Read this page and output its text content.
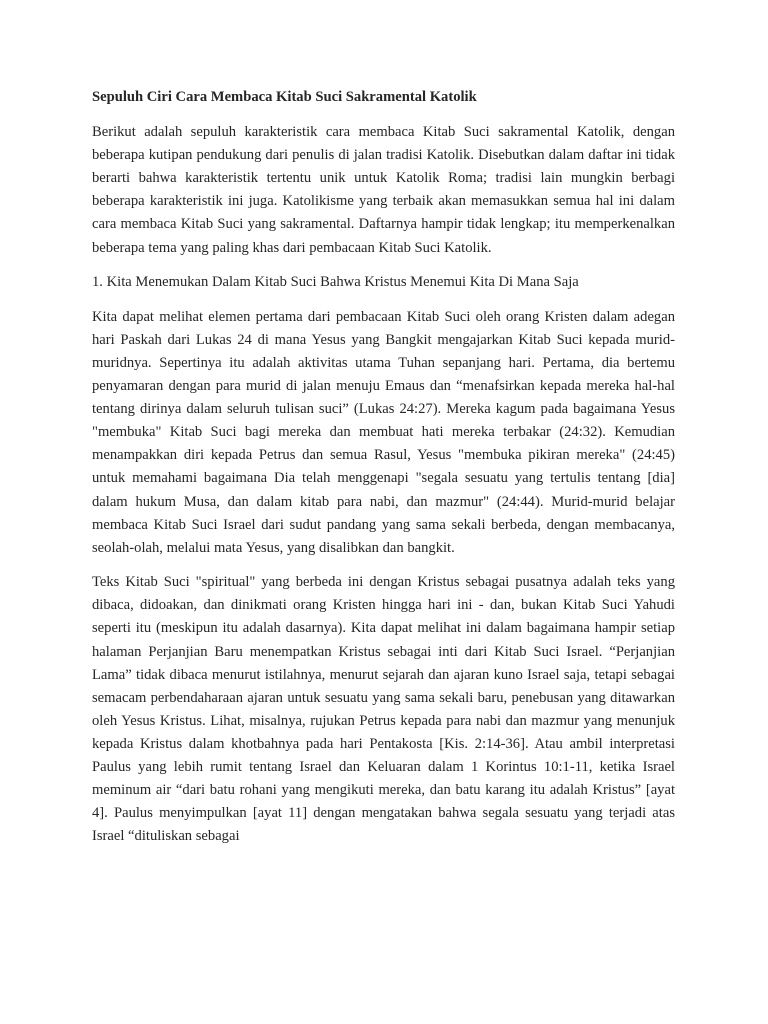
Sepuluh Ciri Cara Membaca Kitab Suci Sakramental Katolik

Berikut adalah sepuluh karakteristik cara membaca Kitab Suci sakramental Katolik, dengan beberapa kutipan pendukung dari penulis di jalan tradisi Katolik. Disebutkan dalam daftar ini tidak berarti bahwa karakteristik tertentu unik untuk Katolik Roma; tradisi lain mungkin berbagi beberapa karakteristik ini juga. Katolikisme yang terbaik akan memasukkan semua hal ini dalam cara membaca Kitab Suci yang sakramental. Daftarnya hampir tidak lengkap; itu memperkenalkan beberapa tema yang paling khas dari pembacaan Kitab Suci Katolik.

1. Kita Menemukan Dalam Kitab Suci Bahwa Kristus Menemui Kita Di Mana Saja

Kita dapat melihat elemen pertama dari pembacaan Kitab Suci oleh orang Kristen dalam adegan hari Paskah dari Lukas 24 di mana Yesus yang Bangkit mengajarkan Kitab Suci kepada murid-muridnya. Sepertinya itu adalah aktivitas utama Tuhan sepanjang hari. Pertama, dia bertemu penyamaran dengan para murid di jalan menuju Emaus dan “menafsirkan kepada mereka hal-hal tentang dirinya dalam seluruh tulisan suci” (Lukas 24:27). Mereka kagum pada bagaimana Yesus "membuka" Kitab Suci bagi mereka dan membuat hati mereka terbakar (24:32). Kemudian menampakkan diri kepada Petrus dan semua Rasul, Yesus "membuka pikiran mereka" (24:45) untuk memahami bagaimana Dia telah menggenapi "segala sesuatu yang tertulis tentang [dia] dalam hukum Musa, dan dalam kitab para nabi, dan mazmur" (24:44). Murid-murid belajar membaca Kitab Suci Israel dari sudut pandang yang sama sekali berbeda, dengan membacanya, seolah-olah, melalui mata Yesus, yang disalibkan dan bangkit.

Teks Kitab Suci "spiritual" yang berbeda ini dengan Kristus sebagai pusatnya adalah teks yang dibaca, didoakan, dan dinikmati orang Kristen hingga hari ini - dan, bukan Kitab Suci Yahudi seperti itu (meskipun itu adalah dasarnya). Kita dapat melihat ini dalam bagaimana hampir setiap halaman Perjanjian Baru menempatkan Kristus sebagai inti dari Kitab Suci Israel. “Perjanjian Lama” tidak dibaca menurut istilahnya, menurut sejarah dan ajaran kuno Israel saja, tetapi sebagai semacam perbendaharaan ajaran untuk sesuatu yang sama sekali baru, penebusan yang ditawarkan oleh Yesus Kristus. Lihat, misalnya, rujukan Petrus kepada para nabi dan mazmur yang menunjuk kepada Kristus dalam khotbahnya pada hari Pentakosta [Kis. 2:14-36]. Atau ambil interpretasi Paulus yang lebih rumit tentang Israel dan Keluaran dalam 1 Korintus 10:1-11, ketika Israel meminum air “dari batu rohani yang mengikuti mereka, dan batu karang itu adalah Kristus” [ayat 4]. Paulus menyimpulkan [ayat 11] dengan mengatakan bahwa segala sesuatu yang terjadi atas Israel “dituliskan sebagai
